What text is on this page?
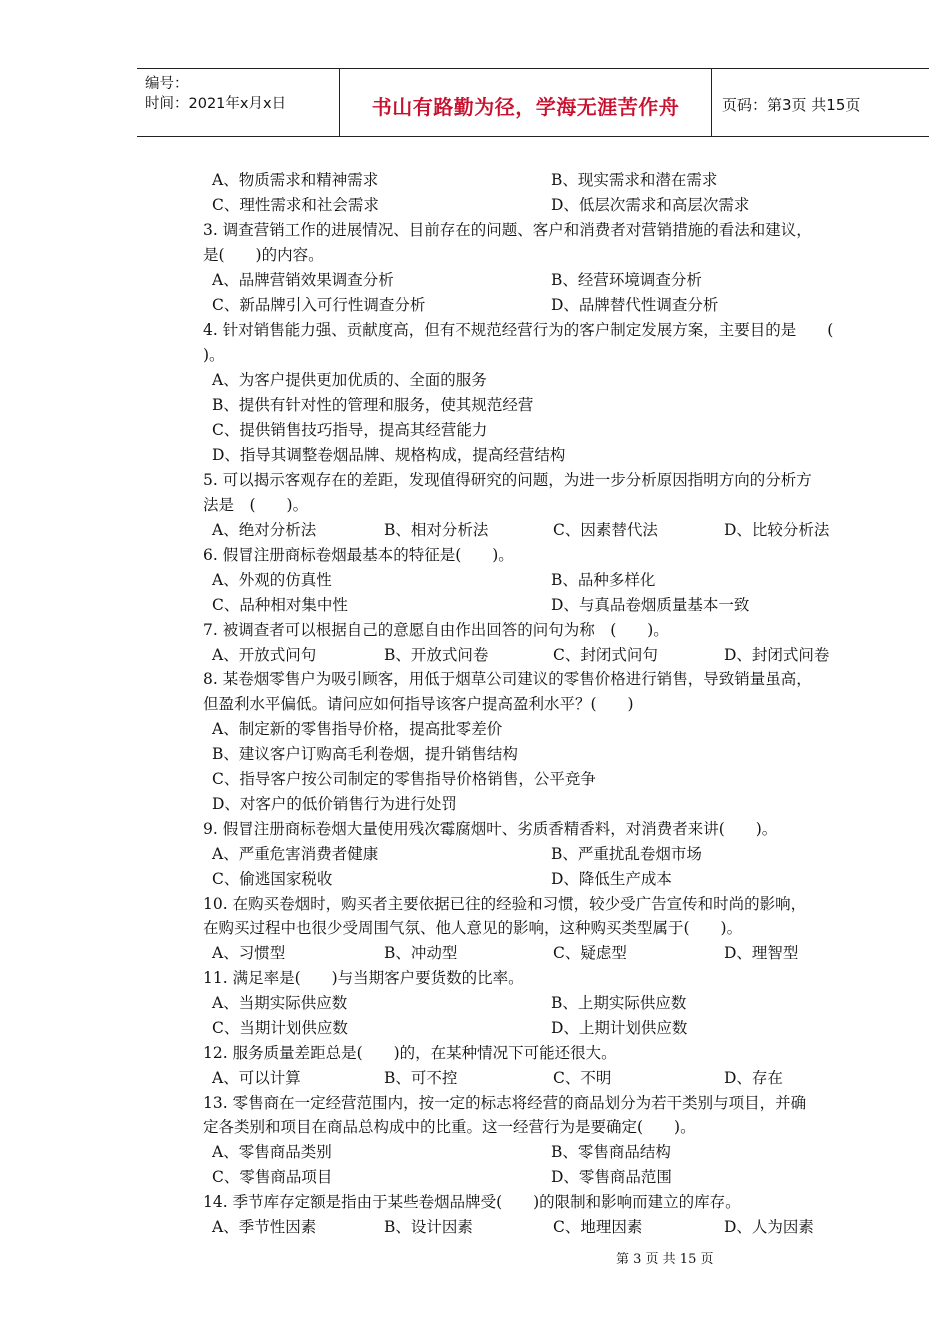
编号：
时间：2021年x月x日	书山有路勤为径，学海无涯苦作舟	页码：第3页 共15页
A、物质需求和精神需求	B、现实需求和潜在需求
C、理性需求和社会需求	D、低层次需求和高层次需求
3. 调查营销工作的进展情况、目前存在的问题、客户和消费者对营销措施的看法和建议，
是(　　)的内容。
A、品牌营销效果调查分析	B、经营环境调查分析
C、新品牌引入可行性调查分析	D、品牌替代性调查分析
4. 针对销售能力强、贡献度高，但有不规范经营行为的客户制定发展方案，主要目的是　　(
)。
A、为客户提供更加优质的、全面的服务
B、提供有针对性的管理和服务，使其规范经营
C、提供销售技巧指导，提高其经营能力
D、指导其调整卷烟品牌、规格构成，提高经营结构
5. 可以揭示客观存在的差距，发现值得研究的问题，为进一步分析原因指明方向的分析方
法是　(　　)。
A、绝对分析法	B、相对分析法	C、因素替代法	D、比较分析法
6. 假冒注册商标卷烟最基本的特征是(　　)。
A、外观的仿真性	B、品种多样化
C、品种相对集中性	D、与真品卷烟质量基本一致
7. 被调查者可以根据自己的意愿自由作出回答的问句为称　(　　)。
A、开放式问句	B、开放式问卷	C、封闭式问句	D、封闭式问卷
8. 某卷烟零售户为吸引顾客，用低于烟草公司建议的零售价格进行销售，导致销量虽高，
但盈利水平偏低。请问应如何指导该客户提高盈利水平？(　　)
A、制定新的零售指导价格，提高批零差价
B、建议客户订购高毛利卷烟，提升销售结构
C、指导客户按公司制定的零售指导价格销售，公平竞争
D、对客户的低价销售行为进行处罚
9. 假冒注册商标卷烟大量使用残次霉腐烟叶、劣质香精香料，对消费者来讲(　　)。
A、严重危害消费者健康	B、严重扰乱卷烟市场
C、偷逃国家税收	D、降低生产成本
10. 在购买卷烟时，购买者主要依据已往的经验和习惯，较少受广告宣传和时尚的影响，
在购买过程中也很少受周围气氛、他人意见的影响，这种购买类型属于(　　)。
A、习惯型	B、冲动型	C、疑虑型	D、理智型
11. 满足率是(　　)与当期客户要货数的比率。
A、当期实际供应数	B、上期实际供应数
C、当期计划供应数	D、上期计划供应数
12. 服务质量差距总是(　　)的，在某种情况下可能还很大。
A、可以计算	B、可不控	C、不明	D、存在
13. 零售商在一定经营范围内，按一定的标志将经营的商品划分为若干类别与项目，并确
定各类别和项目在商品总构成中的比重。这一经营行为是要确定(　　)。
A、零售商品类别	B、零售商品结构
C、零售商品项目	D、零售商品范围
14. 季节库存定额是指由于某些卷烟品牌受(　　)的限制和影响而建立的库存。
A、季节性因素	B、设计因素	C、地理因素	D、人为因素
第 3 页 共 15 页
